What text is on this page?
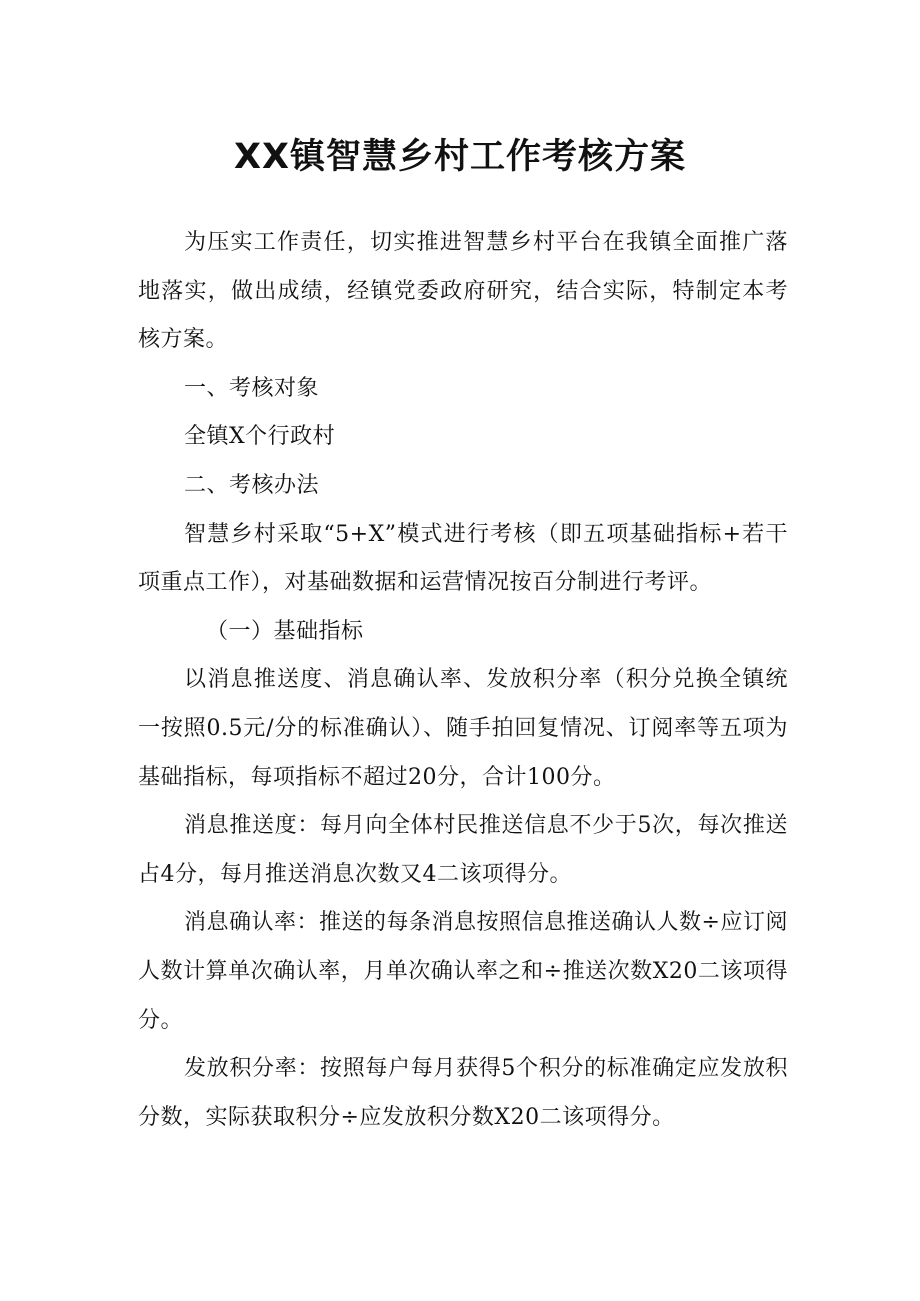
XX镇智慧乡村工作考核方案

为压实工作责任，切实推进智慧乡村平台在我镇全面推广落地落实，做出成绩，经镇党委政府研究，结合实际，特制定本考核方案。

一、考核对象

全镇X个行政村

二、考核办法

智慧乡村采取“5+X”模式进行考核（即五项基础指标+若干项重点工作），对基础数据和运营情况按百分制进行考评。

（一）基础指标

以消息推送度、消息确认率、发放积分率（积分兑换全镇统一按照0.5元/分的标准确认）、随手拍回复情况、订阅率等五项为基础指标，每项指标不超过20分，合计100分。

消息推送度：每月向全体村民推送信息不少于5次，每次推送占4分，每月推送消息次数又4二该项得分。

消息确认率：推送的每条消息按照信息推送确认人数÷应订阅人数计算单次确认率，月单次确认率之和÷推送次数X20二该项得分。

发放积分率：按照每户每月获得5个积分的标准确定应发放积分数，实际获取积分÷应发放积分数X20二该项得分。
